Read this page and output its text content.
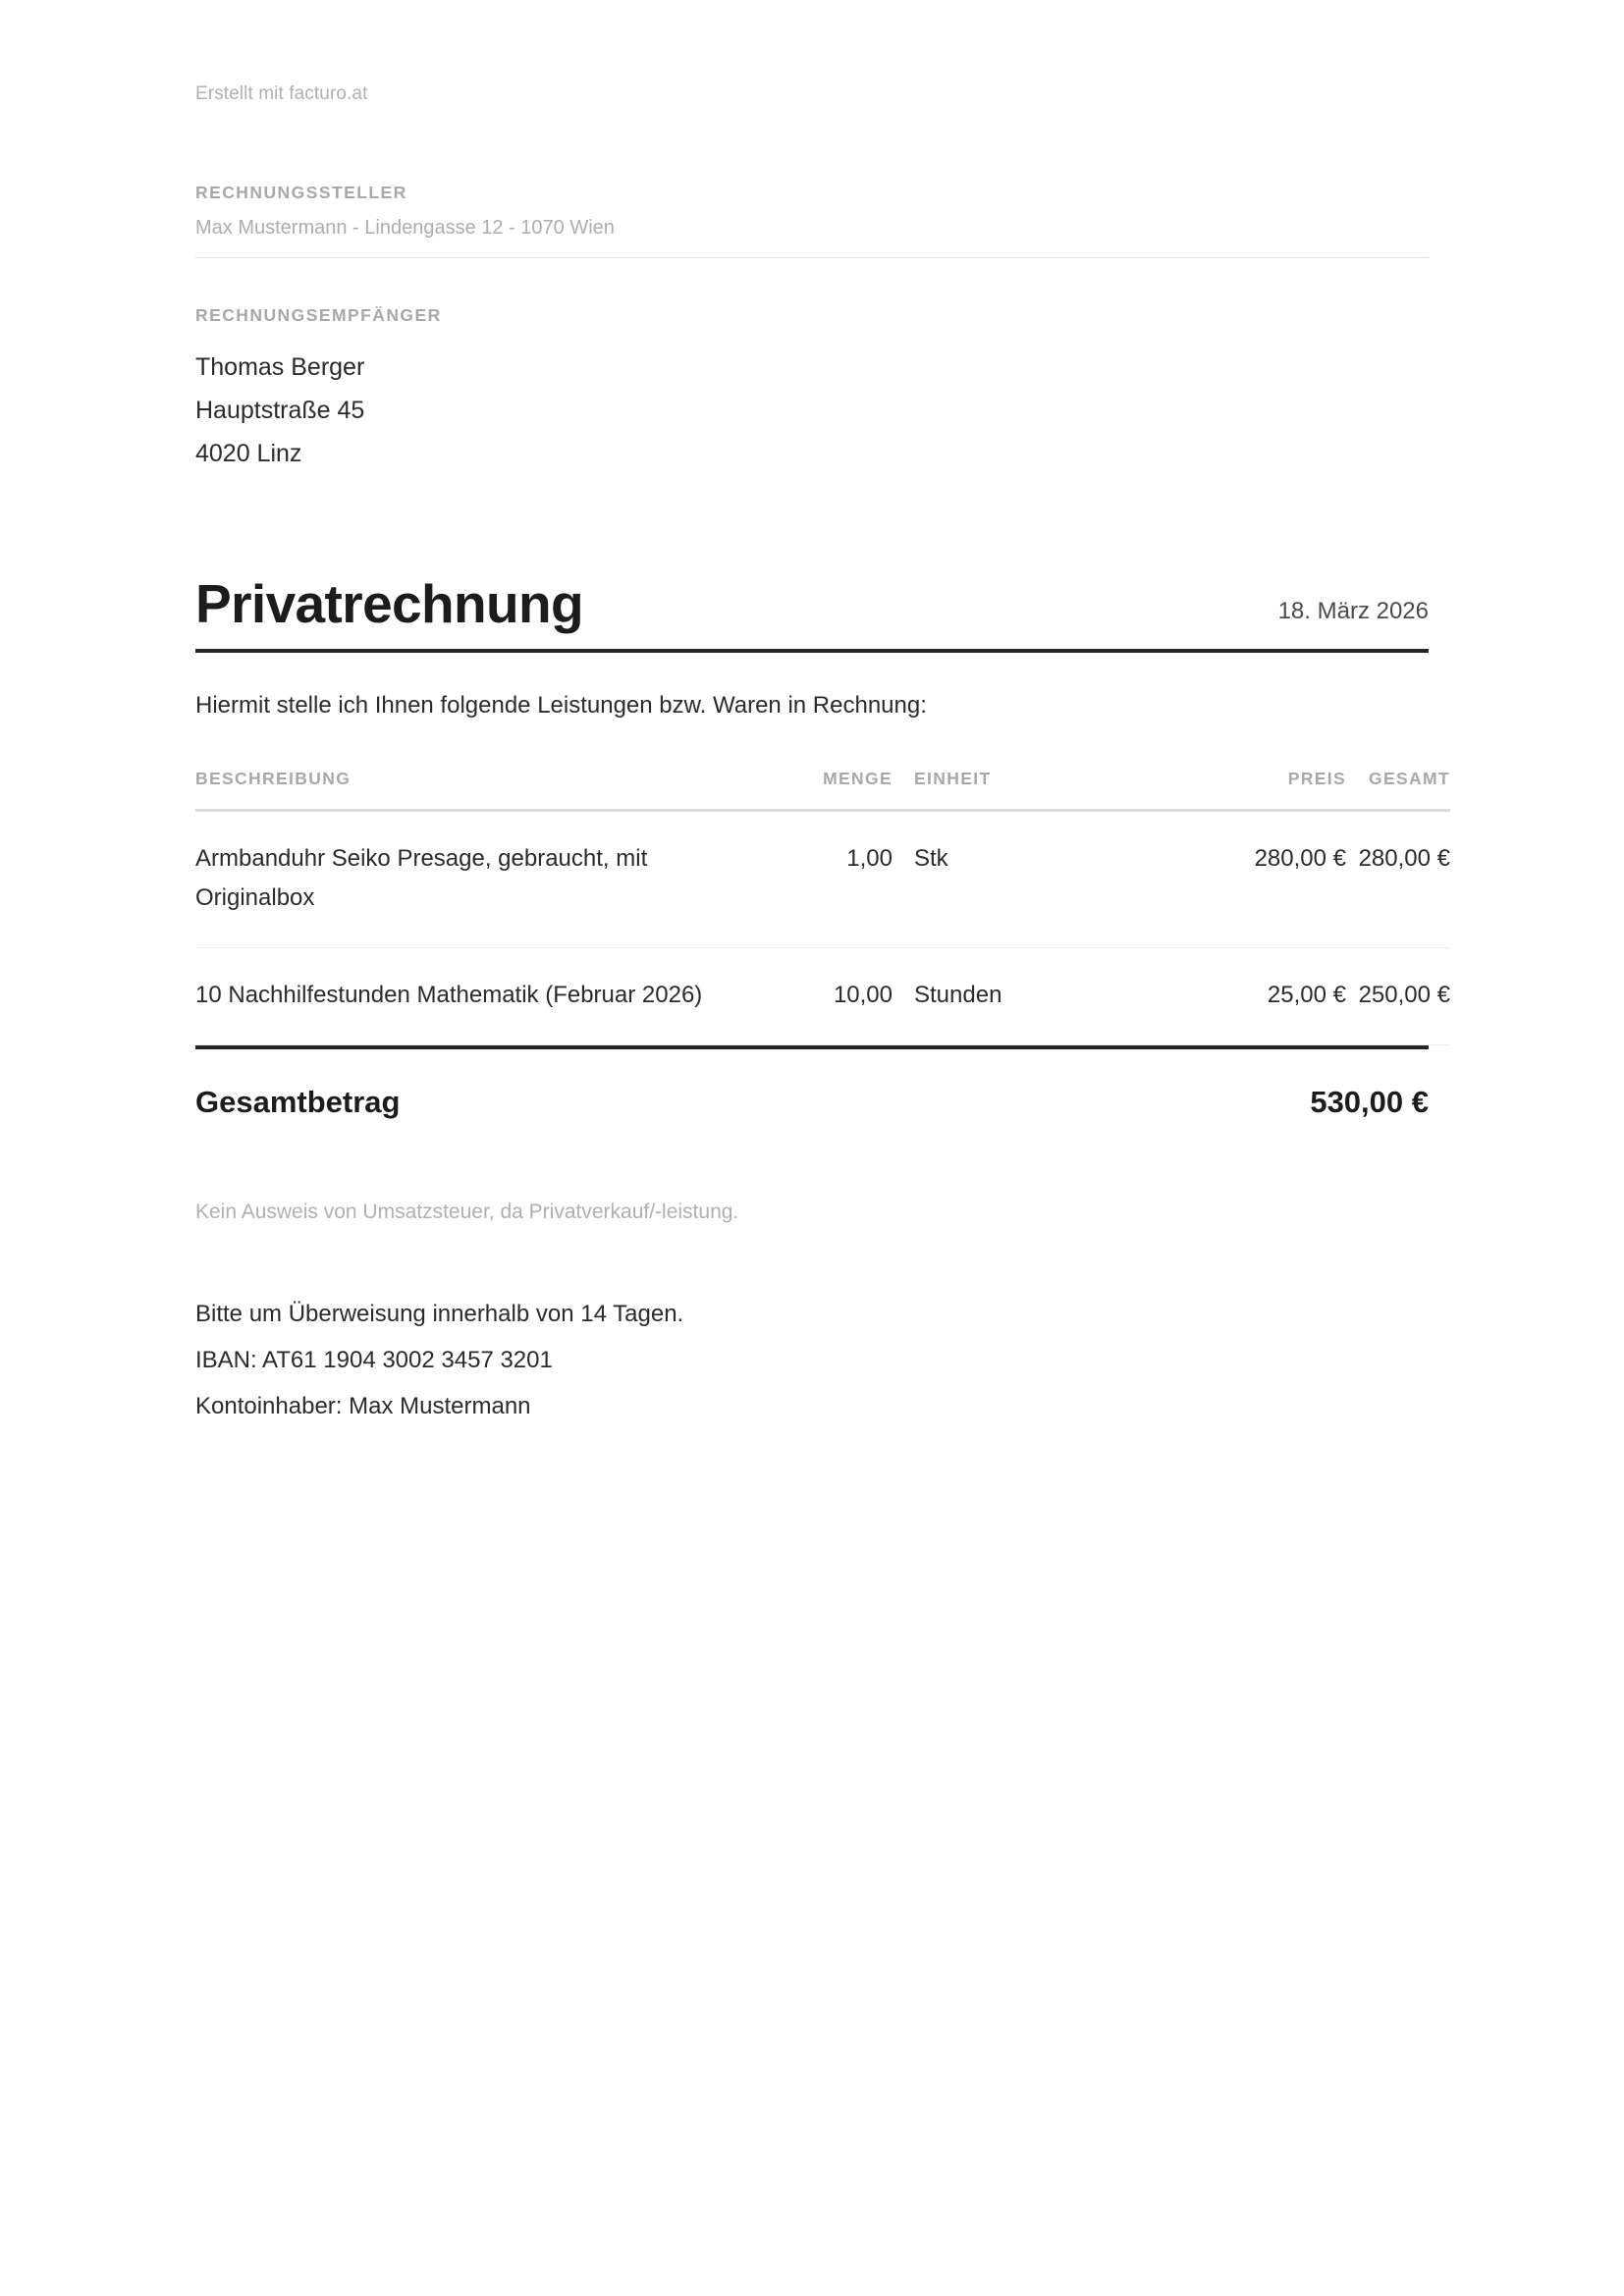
Erstellt mit facturo.at
RECHNUNGSSTELLER
Max Mustermann - Lindengasse 12 - 1070 Wien
RECHNUNGSEMPFÄNGER
Thomas Berger
Hauptstraße 45
4020 Linz
Privatrechnung	18. März 2026
Hiermit stelle ich Ihnen folgende Leistungen bzw. Waren in Rechnung:
BESCHREIBUNG	MENGE	EINHEIT	PREIS	GESAMT
Armbanduhr Seiko Presage, gebraucht, mit Originalbox	1,00	Stk	280,00 €	280,00 €
10 Nachhilfestunden Mathematik (Februar 2026)	10,00	Stunden	25,00 €	250,00 €
Gesamtbetrag	530,00 €
Kein Ausweis von Umsatzsteuer, da Privatverkauf/-leistung.
Bitte um Überweisung innerhalb von 14 Tagen.
IBAN: AT61 1904 3002 3457 3201
Kontoinhaber: Max Mustermann
